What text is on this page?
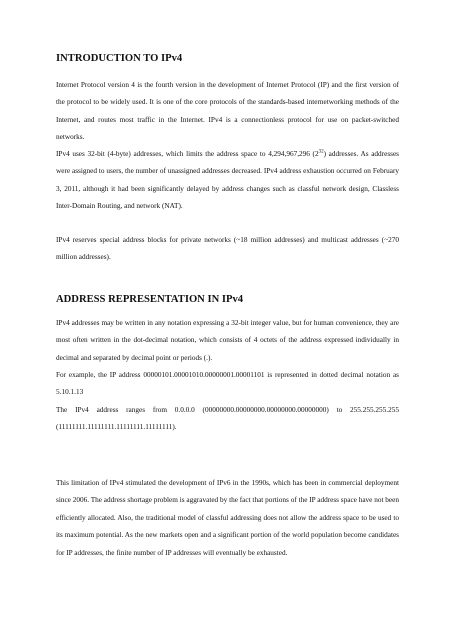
INTRODUCTION TO IPv4

Internet Protocol version 4 is the fourth version in the development of Internet Protocol (IP) and the first version of the protocol to be widely used. It is one of the core protocols of the standards-based internetworking methods of the Internet, and routes most traffic in the Internet. IPv4 is a connectionless protocol for use on packet-switched networks.

IPv4 uses 32-bit (4-byte) addresses, which limits the address space to 4,294,967,296 $(2^{32})$ addresses. As addresses were assigned to users, the number of unassigned addresses decreased. IPv4 address exhaustion occurred on February 3, 2011, although it had been significantly delayed by address changes such as classful network design, Classless Inter-Domain Routing, and network (NAT).

IPv4 reserves special address blocks for private networks (~18 million addresses) and multicast addresses (~270 million addresses).

ADDRESS REPRESENTATION IN IPv4

IPv4 addresses may be written in any notation expressing a 32-bit integer value, but for human convenience, they are most often written in the dot-decimal notation, which consists of 4 octets of the address expressed individually in decimal and separated by decimal point or periods (.).

For example, the IP address 00000101.00001010.00000001.00001101 is represented in dotted decimal notation as 5.10.1.13

The IPv4 address ranges from 0.0.0.0 (00000000.00000000.00000000.00000000) to 255.255.255.255 (11111111.11111111.11111111.11111111).

This limitation of IPv4 stimulated the development of IPv6 in the 1990s, which has been in commercial deployment since 2006. The address shortage problem is aggravated by the fact that portions of the IP address space have not been efficiently allocated. Also, the traditional model of classful addressing does not allow the address space to be used to its maximum potential. As the new markets open and a significant portion of the world population become candidates for IP addresses, the finite number of IP addresses will eventually be exhausted.
